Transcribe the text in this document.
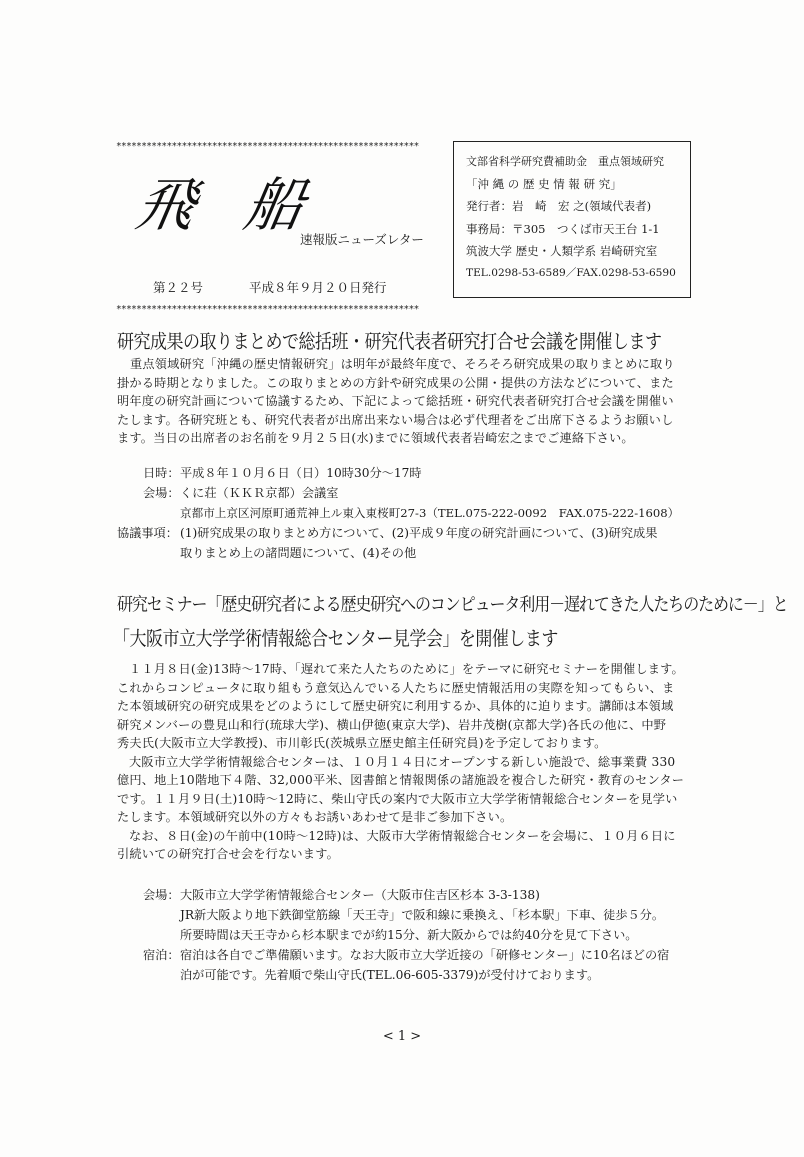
************************************************************
飛 船
速報版ニューズレター
第２２号	平成８年９月２０日発行
************************************************************
文部省科学研究費補助金　重点領域研究
「沖 縄 の 歴 史 情 報 研 究」
発行者：岩　崎　宏 之(領域代表者)
事務局：〒305　つくば市天王台 1-1
筑波大学 歴史・人類学系 岩崎研究室
TEL.0298-53-6589／FAX.0298-53-6590
研究成果の取りまとめで総括班・研究代表者研究打合せ会議を開催します
重点領域研究「沖縄の歴史情報研究」は明年が最終年度で、そろそろ研究成果の取りまとめに取り
掛かる時期となりました。この取りまとめの方針や研究成果の公開・提供の方法などについて、また
明年度の研究計画について協議するため、下記によって総括班・研究代表者研究打合せ会議を開催い
たします。各研究班とも、研究代表者が出席出来ない場合は必ず代理者をご出席下さるようお願いし
ます。当日の出席者のお名前を９月２５日(水)までに領域代表者岩崎宏之までご連絡下さい。
日時： 平成８年１０月６日（日）10時30分～17時
会場： くに荘（ＫＫＲ京都）会議室
京都市上京区河原町通荒神上ル東入東桜町27-3（TEL.075-222-0092　FAX.075-222-1608）
協議事項： (1)研究成果の取りまとめ方について、(2)平成９年度の研究計画について、(3)研究成果
取りまとめ上の諸問題について、(4)その他
研究セミナー「歴史研究者による歴史研究へのコンピュータ利用－遅れてきた人たちのために－」と
「大阪市立大学学術情報総合センター見学会」を開催します
１１月８日(金)13時～17時、「遅れて来た人たちのために」をテーマに研究セミナーを開催します。
これからコンピュータに取り組もう意気込んでいる人たちに歴史情報活用の実際を知ってもらい、ま
た本領域研究の研究成果をどのようにして歴史研究に利用するか、具体的に迫ります。講師は本領域
研究メンバーの豊見山和行(琉球大学)、横山伊徳(東京大学)、岩井茂樹(京都大学)各氏の他に、中野
秀夫氏(大阪市立大学教授)、市川彰氏(茨城県立歴史館主任研究員)を予定しております。
大阪市立大学学術情報総合センターは、１０月１４日にオープンする新しい施設で、総事業費 330
億円、地上10階地下４階、32,000平米、図書館と情報関係の諸施設を複合した研究・教育のセンター
です。１１月９日(土)10時～12時に、柴山守氏の案内で大阪市立大学学術情報総合センターを見学い
たします。本領域研究以外の方々もお誘いあわせて是非ご参加下さい。
なお、８日(金)の午前中(10時～12時)は、大阪市大学術情報総合センターを会場に、１０月６日に
引続いての研究打合せ会を行ないます。
会場： 大阪市立大学学術情報総合センター（大阪市住吉区杉本 3-3-138)
JR新大阪より地下鉄御堂筋線「天王寺」で阪和線に乗換え、「杉本駅」下車、徒歩５分。
所要時間は天王寺から杉本駅までが約15分、新大阪からでは約40分を見て下さい。
宿泊： 宿泊は各自でご準備願います。なお大阪市立大学近接の「研修センター」に10名ほどの宿
泊が可能です。先着順で柴山守氏(TEL.06-605-3379)が受付けております。
< 1 >
